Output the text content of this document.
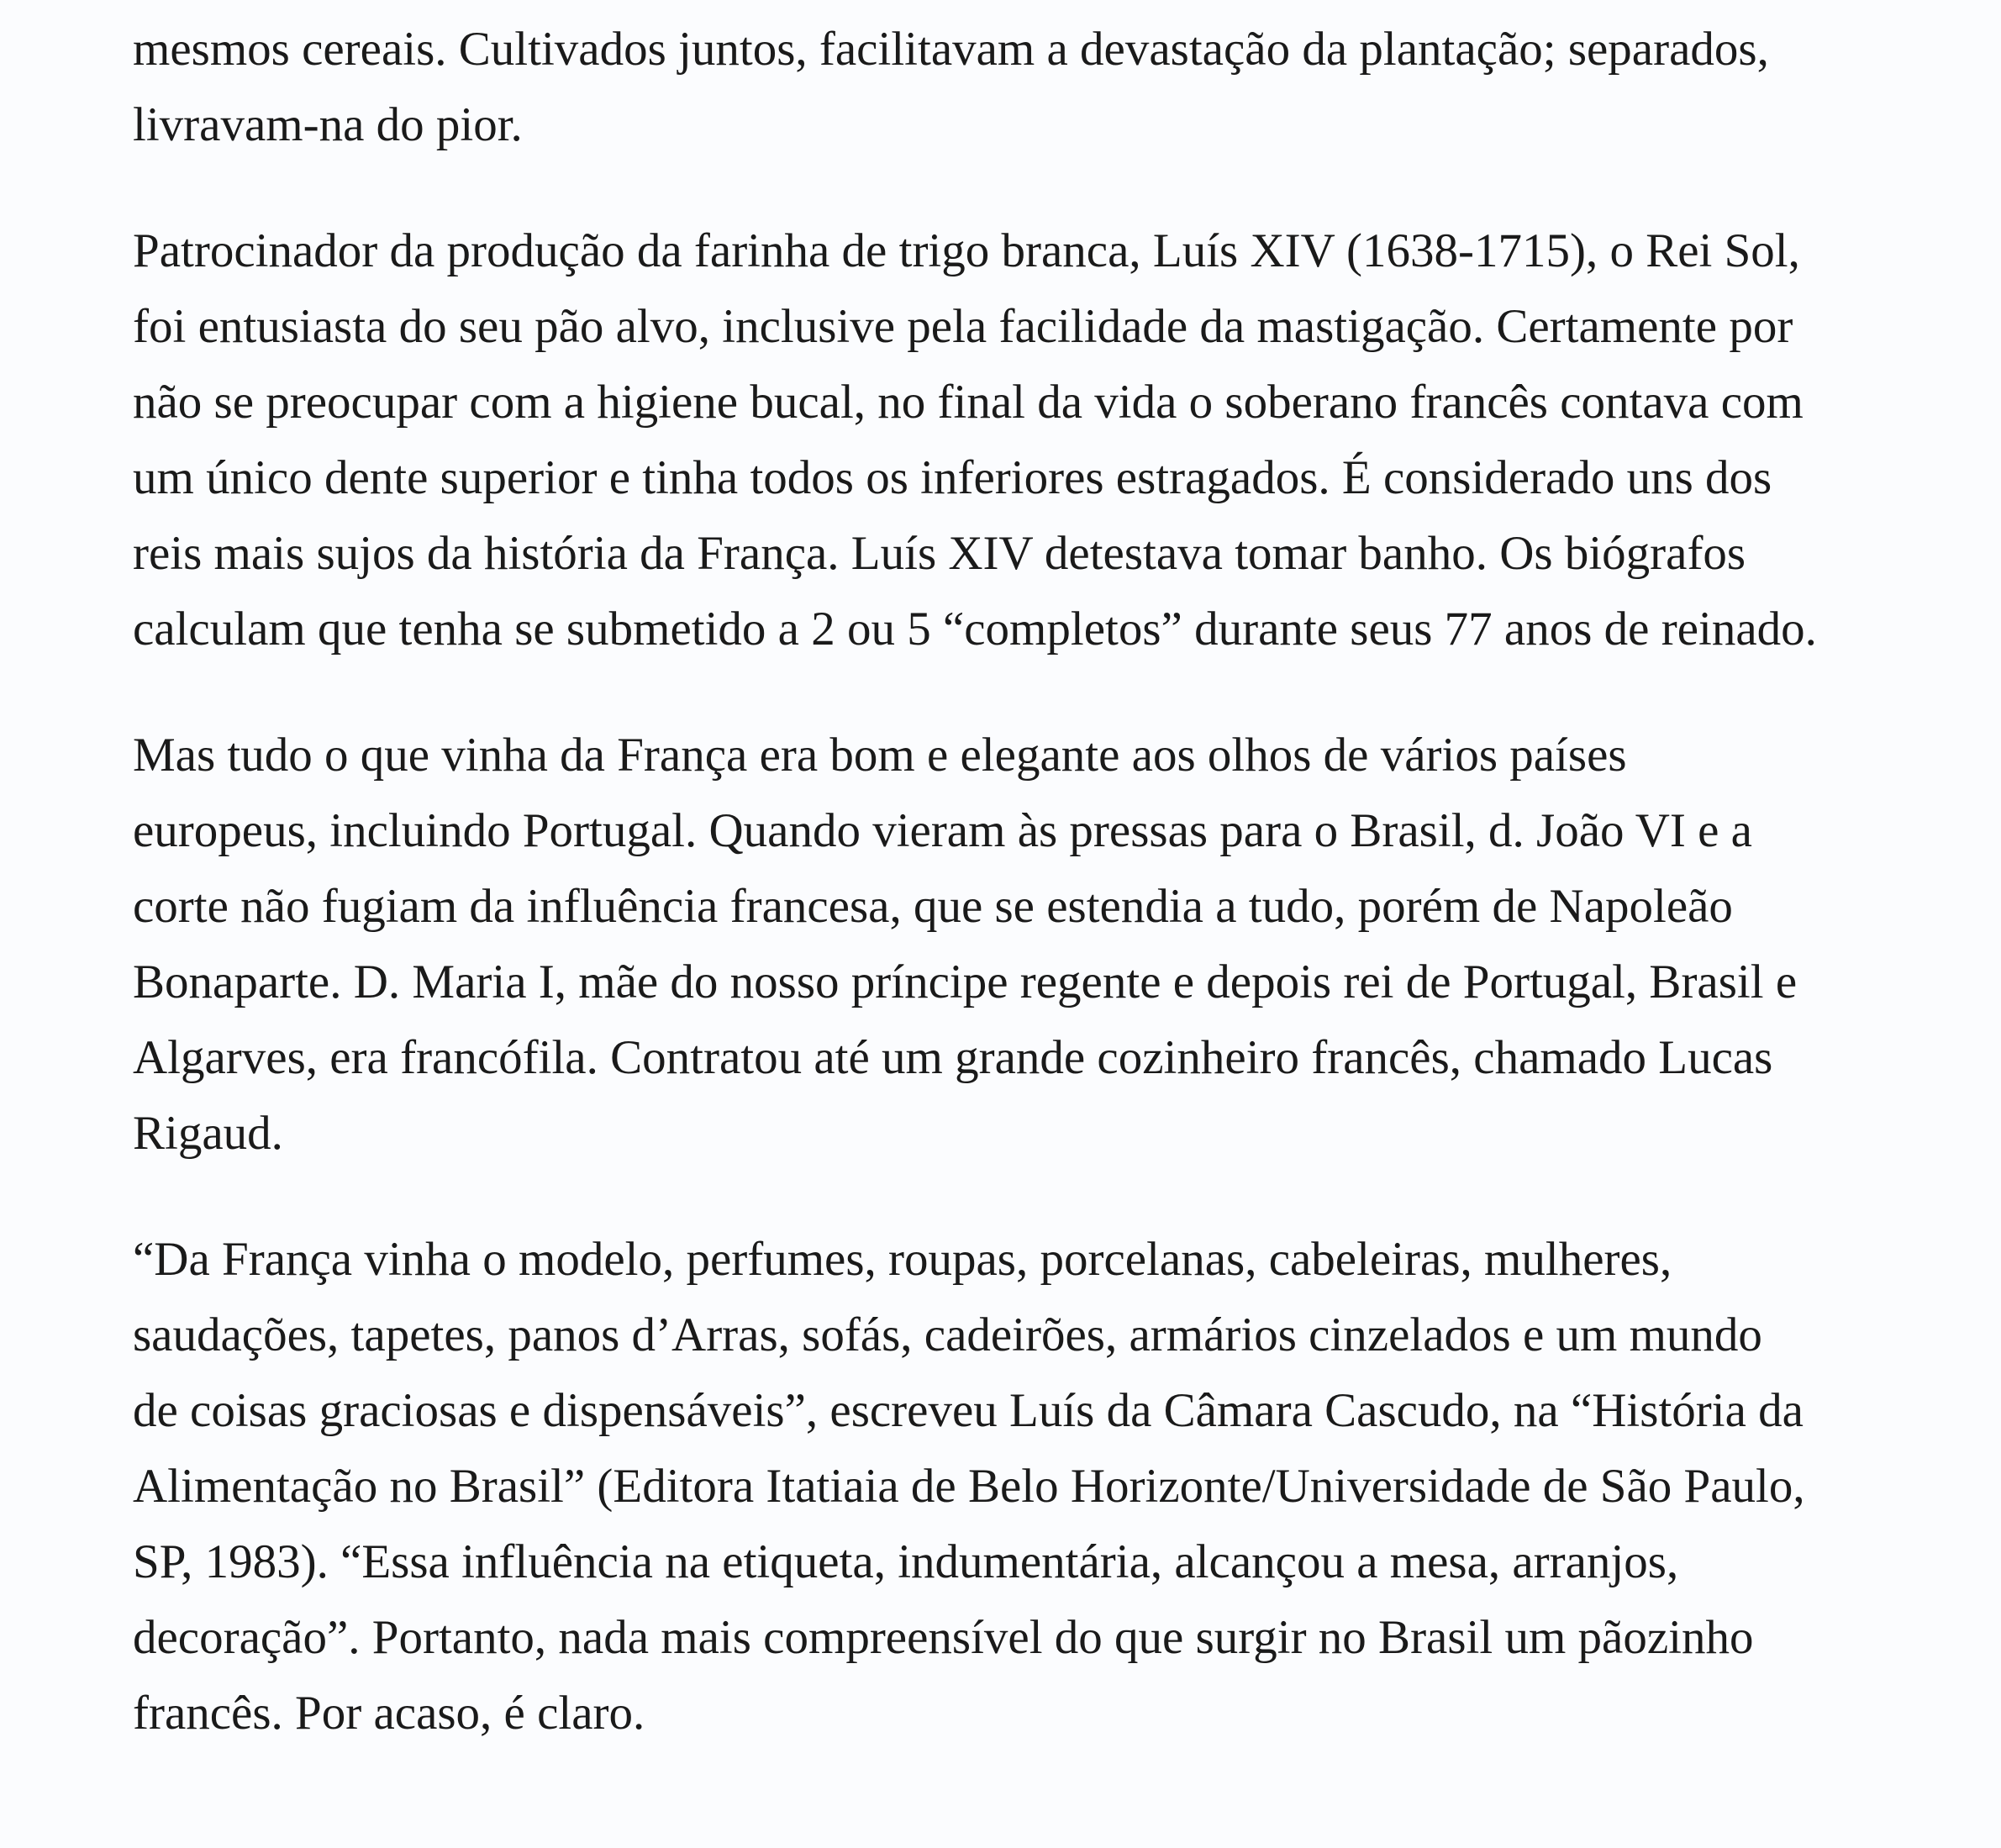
mesmos cereais. Cultivados juntos, facilitavam a devastação da plantação; separados,
livravam-na do pior.

Patrocinador da produção da farinha de trigo branca, Luís XIV (1638-1715), o Rei Sol,
foi entusiasta do seu pão alvo, inclusive pela facilidade da mastigação. Certamente por
não se preocupar com a higiene bucal, no final da vida o soberano francês contava com
um único dente superior e tinha todos os inferiores estragados. É considerado uns dos
reis mais sujos da história da França. Luís XIV detestava tomar banho. Os biógrafos
calculam que tenha se submetido a 2 ou 5 “completos” durante seus 77 anos de reinado.

Mas tudo o que vinha da França era bom e elegante aos olhos de vários países
europeus, incluindo Portugal. Quando vieram às pressas para o Brasil, d. João VI e a
corte não fugiam da influência francesa, que se estendia a tudo, porém de Napoleão
Bonaparte. D. Maria I, mãe do nosso príncipe regente e depois rei de Portugal, Brasil e
Algarves, era francófila. Contratou até um grande cozinheiro francês, chamado Lucas
Rigaud.

“Da França vinha o modelo, perfumes, roupas, porcelanas, cabeleiras, mulheres,
saudações, tapetes, panos d’Arras, sofás, cadeirões, armários cinzelados e um mundo
de coisas graciosas e dispensáveis”, escreveu Luís da Câmara Cascudo, na “História da
Alimentação no Brasil” (Editora Itatiaia de Belo Horizonte/Universidade de São Paulo,
SP, 1983). “Essa influência na etiqueta, indumentária, alcançou a mesa, arranjos,
decoração”. Portanto, nada mais compreensível do que surgir no Brasil um pãozinho
francês. Por acaso, é claro.
